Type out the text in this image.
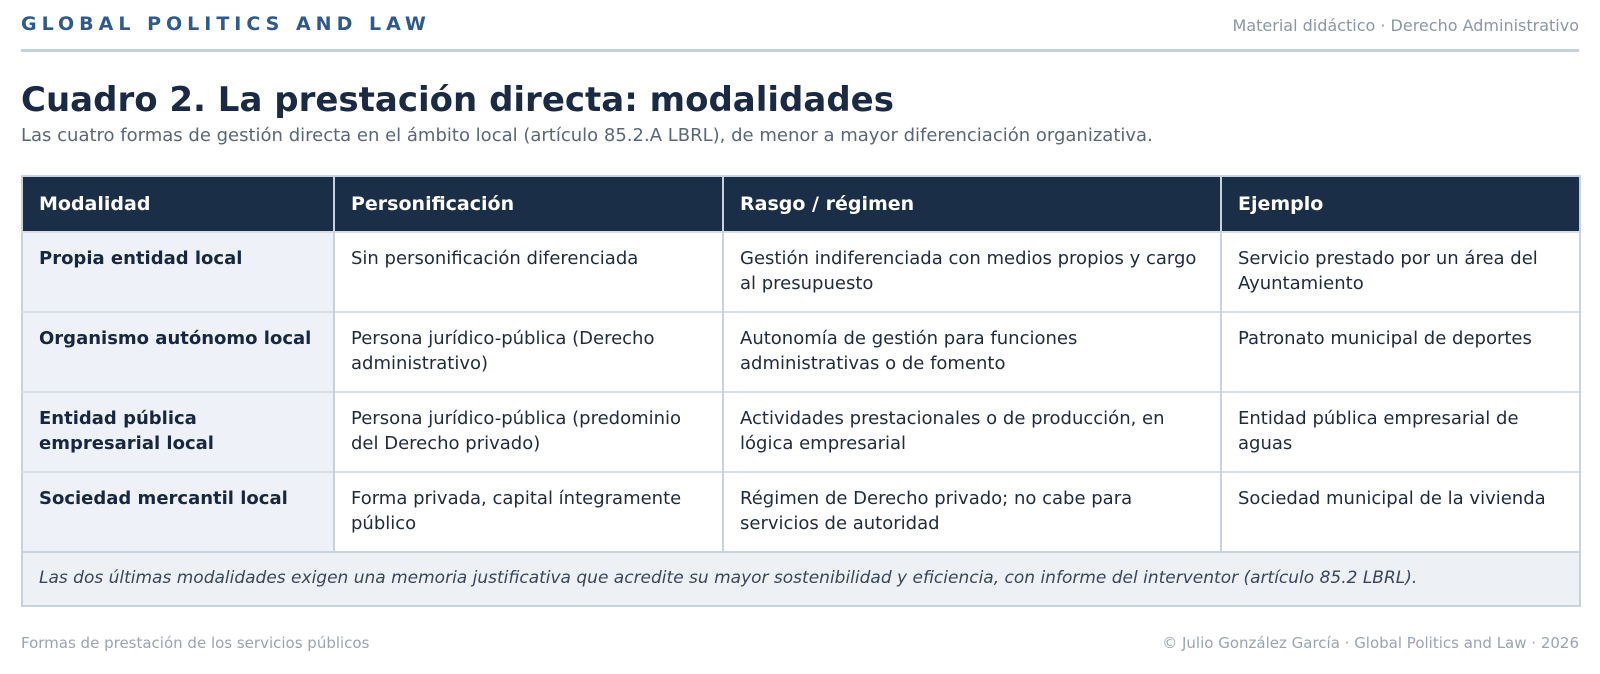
GLOBAL POLITICS AND LAW	Material didáctico · Derecho Administrativo
Cuadro 2. La prestación directa: modalidades
Las cuatro formas de gestión directa en el ámbito local (artículo 85.2.A LBRL), de menor a mayor diferenciación organizativa.
Modalidad	Personificación	Rasgo / régimen	Ejemplo
Propia entidad local	Sin personificación diferenciada	Gestión indiferenciada con medios propios y cargo al presupuesto	Servicio prestado por un área del Ayuntamiento
Organismo autónomo local	Persona jurídico-pública (Derecho administrativo)	Autonomía de gestión para funciones administrativas o de fomento	Patronato municipal de deportes
Entidad pública empresarial local	Persona jurídico-pública (predominio del Derecho privado)	Actividades prestacionales o de producción, en lógica empresarial	Entidad pública empresarial de aguas
Sociedad mercantil local	Forma privada, capital íntegramente público	Régimen de Derecho privado; no cabe para servicios de autoridad	Sociedad municipal de la vivienda
Las dos últimas modalidades exigen una memoria justificativa que acredite su mayor sostenibilidad y eficiencia, con informe del interventor (artículo 85.2 LBRL).			
Formas de prestación de los servicios públicos	© Julio González García · Global Politics and Law · 2026
